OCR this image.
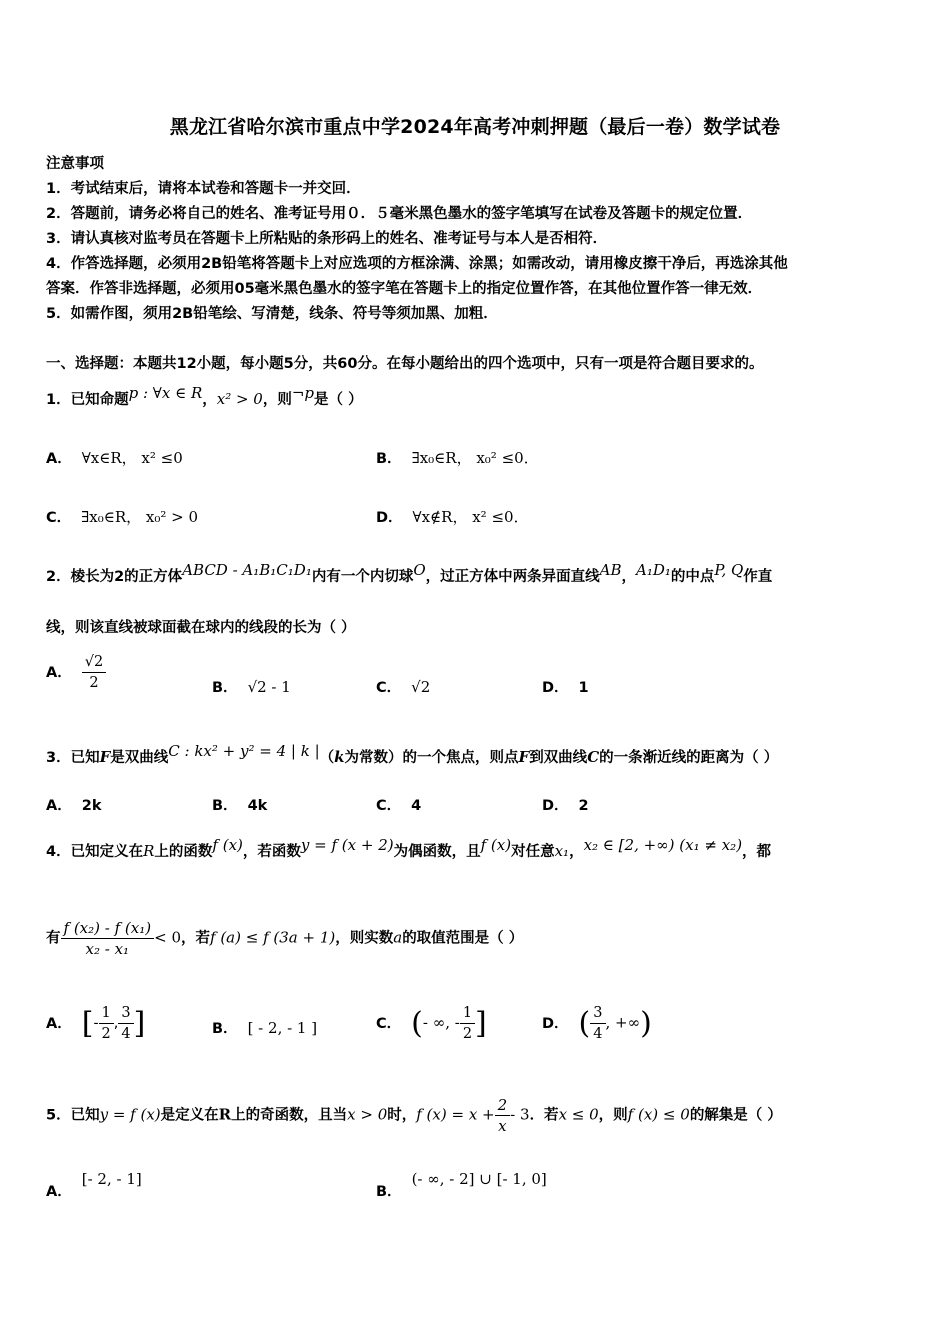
黑龙江省哈尔滨市重点中学2024年高考冲刺押题（最后一卷）数学试卷
注意事项
1．考试结束后，请将本试卷和答题卡一并交回．
2．答题前，请务必将自己的姓名、准考证号用０．５毫米黑色墨水的签字笔填写在试卷及答题卡的规定位置．
3．请认真核对监考员在答题卡上所粘贴的条形码上的姓名、准考证号与本人是否相符．
4．作答选择题，必须用2B铅笔将答题卡上对应选项的方框涂满、涂黑；如需改动，请用橡皮擦干净后，再选涂其他
答案．作答非选择题，必须用05毫米黑色墨水的签字笔在答题卡上的指定位置作答，在其他位置作答一律无效．
5．如需作图，须用2B铅笔绘、写清楚，线条、符号等须加黑、加粗．
一、选择题：本题共12小题，每小题5分，共60分。在每小题给出的四个选项中，只有一项是符合题目要求的。
1．已知命题p : ∀x ∈ R，x² > 0，则¬p是（ ）
A． ∀x∈R， x² ≤0	B． ∃x₀∈R， x₀² ≤0．
C． ∃x₀∈R， x₀² > 0	D． ∀x∉R， x² ≤0．
2．棱长为2的正方体ABCD - A₁B₁C₁D₁内有一个内切球O，过正方体中两条异面直线AB，A₁D₁的中点P, Q作直
线，则该直线被球面截在球内的线段的长为（ ）
A． $\frac{√2}{2}$	B． √2 - 1	C． √2	D． 1
3．已知F是双曲线C : kx² + y² = 4 | k |（k为常数）的一个焦点，则点F到双曲线C的一条渐近线的距离为（ ）
A． 2k	B． 4k	C． 4	D． 2
4．已知定义在R上的函数f (x)，若函数y = f (x + 2)为偶函数，且f (x)对任意x₁，x₂ ∈ [2, +∞) (x₁ ≠ x₂)，都
有 $\frac{\text{f (x₂) - f (x₁)}}{\text{x₂ - x₁}} < 0$，若f (a) ≤ f (3a + 1)，则实数a的取值范围是（ ）
A． [- $\frac{1}{2}$ , $\frac{3}{4}$ ]	B． [ - 2, - 1 ]	C． (- ∞, - $\frac{1}{2}$ ]	D． ( $\frac{3}{4}$ , +∞)
5．已知y = f (x)是定义在R上的奇函数，且当x > 0时，f $(x) = x + \frac{2}{x} - 3$．若x ≤ 0，则f (x) ≤ 0的解集是（ ）
A．[- 2, - 1]
B．(- ∞, - 2] ∪ [- 1, 0]
